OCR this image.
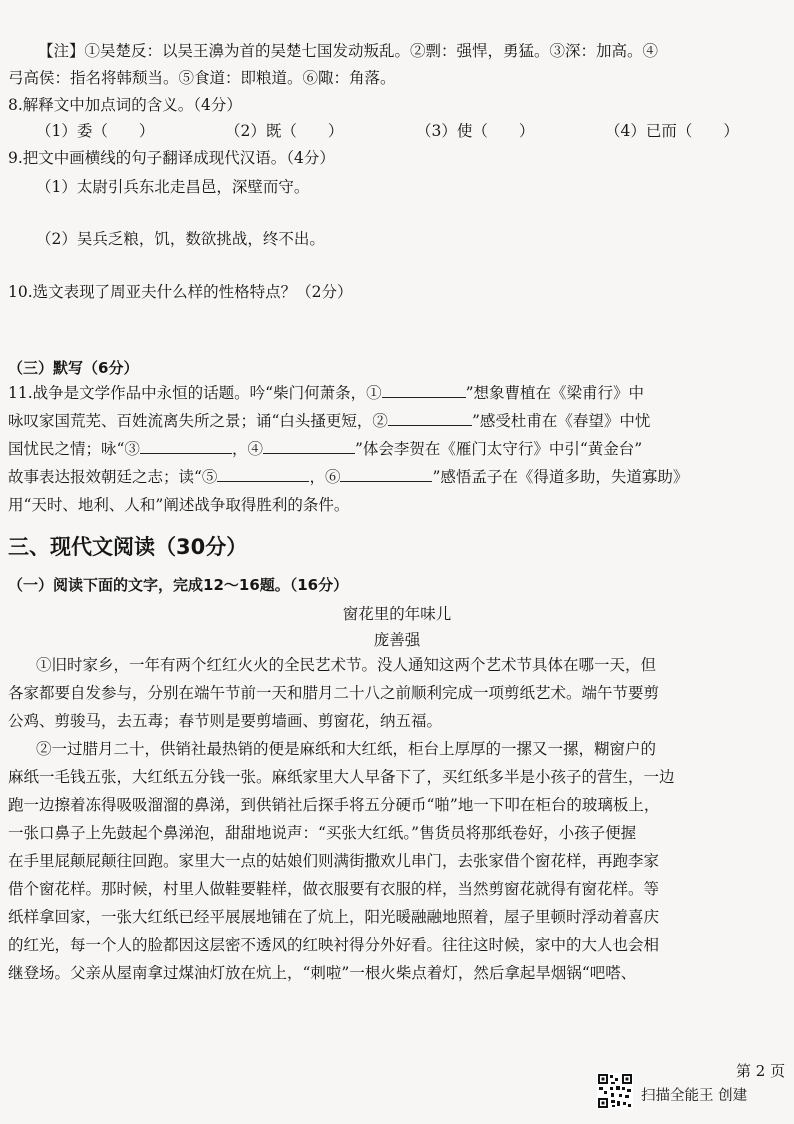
【注】①吴楚反：以吴王濞为首的吴楚七国发动叛乱。②剽：强悍，勇猛。③深：加高。④
弓高侯：指名将韩颓当。⑤食道：即粮道。⑥陬：角落。
8.解释文中加点词的含义。（4分）
（1）委（　　）	（2）既（　　）	（3）使（　　）	（4）已而（　　）
9.把文中画横线的句子翻译成现代汉语。（4分）
（1）太尉引兵东北走昌邑，深壁而守。
（2）吴兵乏粮，饥，数欲挑战，终不出。
10.选文表现了周亚夫什么样的性格特点？（2分）
（三）默写（6分）
11.战争是文学作品中永恒的话题。吟“柴门何萧条，①	”想象曹植在《梁甫行》中
咏叹家国荒芜、百姓流离失所之景；诵“白头搔更短，②	”感受杜甫在《春望》中忧
国忧民之情；咏“③	，④	”体会李贺在《雁门太守行》中引“黄金台”
故事表达报效朝廷之志；读“⑤	，⑥	”感悟孟子在《得道多助，失道寡助》
用“天时、地利、人和”阐述战争取得胜利的条件。
三、现代文阅读（30分）
（一）阅读下面的文字，完成12～16题。（16分）
窗花里的年味儿
庞善强
①旧时家乡，一年有两个红红火火的全民艺术节。没人通知这两个艺术节具体在哪一天，但
各家都要自发参与，分别在端午节前一天和腊月二十八之前顺利完成一项剪纸艺术。端午节要剪
公鸡、剪骏马，去五毒；春节则是要剪墙画、剪窗花，纳五福。
②一过腊月二十，供销社最热销的便是麻纸和大红纸，柜台上厚厚的一摞又一摞，糊窗户的
麻纸一毛钱五张，大红纸五分钱一张。麻纸家里大人早备下了，买红纸多半是小孩子的营生，一边
跑一边擦着冻得吸吸溜溜的鼻涕，到供销社后探手将五分硬币“啪”地一下叩在柜台的玻璃板上，
一张口鼻子上先鼓起个鼻涕泡，甜甜地说声：“买张大红纸。”售货员将那纸卷好，小孩子便握
在手里屁颠屁颠往回跑。家里大一点的姑娘们则满街撒欢儿串门，去张家借个窗花样，再跑李家
借个窗花样。那时候，村里人做鞋要鞋样，做衣服要有衣服的样，当然剪窗花就得有窗花样。等
纸样拿回家，一张大红纸已经平展展地铺在了炕上，阳光暖融融地照着，屋子里顿时浮动着喜庆
的红光，每一个人的脸都因这层密不透风的红映衬得分外好看。往往这时候，家中的大人也会相
继登场。父亲从屋南拿过煤油灯放在炕上，“刺啦”一根火柴点着灯，然后拿起旱烟锅“吧嗒、
第 2 页
扫描全能王 创建
